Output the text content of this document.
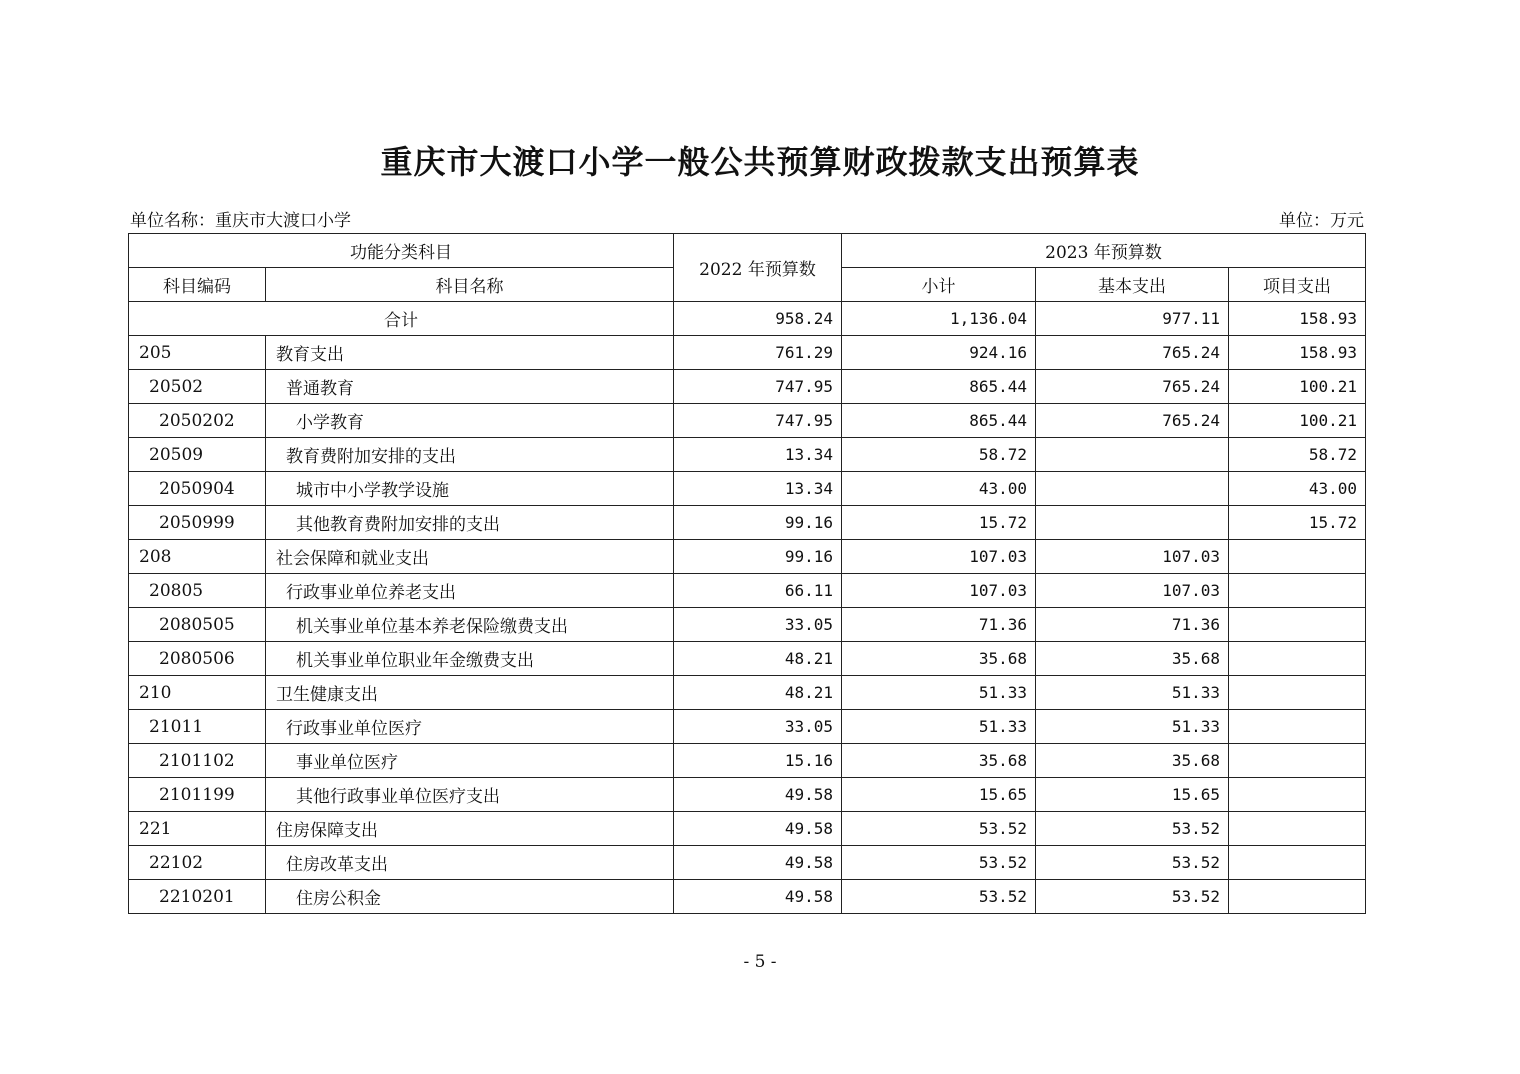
重庆市大渡口小学一般公共预算财政拨款支出预算表
单位名称：重庆市大渡口小学	单位：万元
功能分类科目		2022 年预算数	2023 年预算数		
科目编码	科目名称		小计	基本支出	项目支出
合计		958.24	1,136.04	977.11	158.93
205	教育支出	761.29	924.16	765.24	158.93
20502	普通教育	747.95	865.44	765.24	100.21
2050202	小学教育	747.95	865.44	765.24	100.21
20509	教育费附加安排的支出	13.34	58.72		58.72
2050904	城市中小学教学设施	13.34	43.00		43.00
2050999	其他教育费附加安排的支出	99.16	15.72		15.72
208	社会保障和就业支出	99.16	107.03	107.03	
20805	行政事业单位养老支出	66.11	107.03	107.03	
2080505	机关事业单位基本养老保险缴费支出	33.05	71.36	71.36	
2080506	机关事业单位职业年金缴费支出	48.21	35.68	35.68	
210	卫生健康支出	48.21	51.33	51.33	
21011	行政事业单位医疗	33.05	51.33	51.33	
2101102	事业单位医疗	15.16	35.68	35.68	
2101199	其他行政事业单位医疗支出	49.58	15.65	15.65	
221	住房保障支出	49.58	53.52	53.52	
22102	住房改革支出	49.58	53.52	53.52	
2210201	住房公积金	49.58	53.52	53.52	
- 5 -
